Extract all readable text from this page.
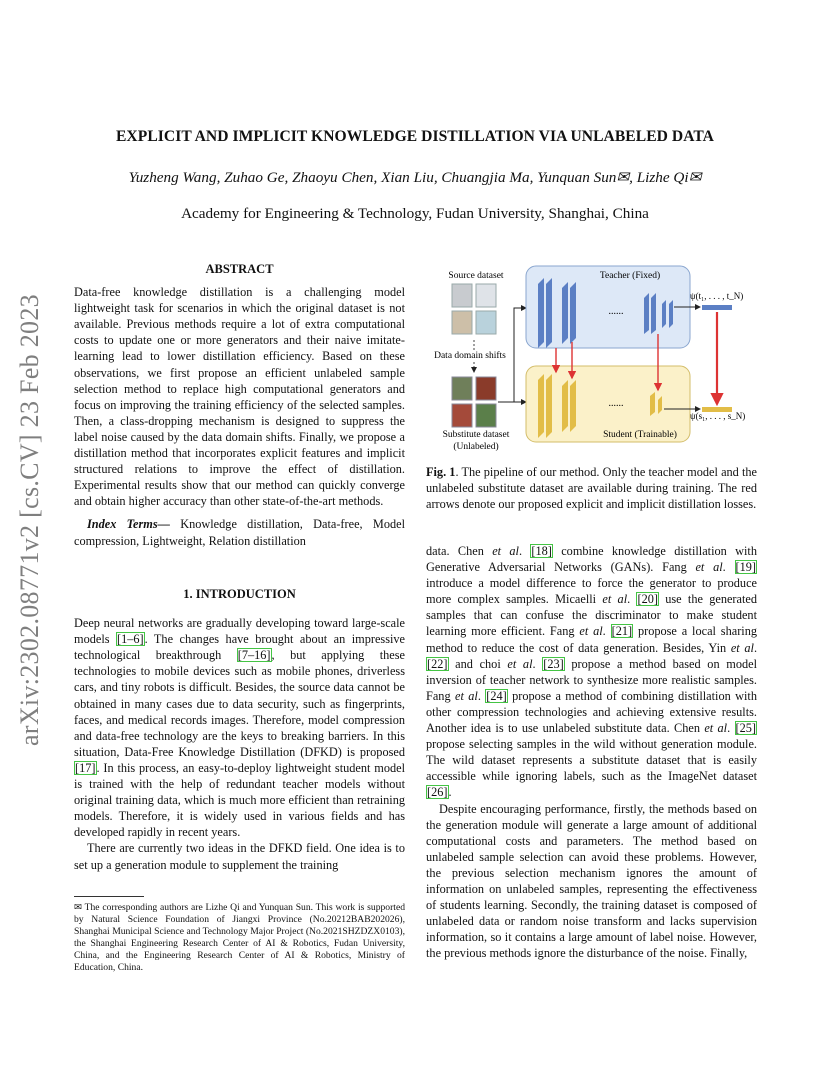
arXiv:2302.08771v2 [cs.CV] 23 Feb 2023
EXPLICIT AND IMPLICIT KNOWLEDGE DISTILLATION VIA UNLABELED DATA
Yuzheng Wang, Zuhao Ge, Zhaoyu Chen, Xian Liu, Chuangjia Ma, Yunquan Sun✉, Lizhe Qi✉
Academy for Engineering & Technology, Fudan University, Shanghai, China
ABSTRACT

Data-free knowledge distillation is a challenging model lightweight task for scenarios in which the original dataset is not available. Previous methods require a lot of extra computational costs to update one or more generators and their naive imitate-learning lead to lower distillation efficiency. Based on these observations, we first propose an efficient unlabeled sample selection method to replace high computational generators and focus on improving the training efficiency of the selected samples. Then, a class-dropping mechanism is designed to suppress the label noise caused by the data domain shifts. Finally, we propose a distillation method that incorporates explicit features and implicit structured relations to improve the effect of distillation. Experimental results show that our method can quickly converge and obtain higher accuracy than other state-of-the-art methods.

Index Terms— Knowledge distillation, Data-free, Model compression, Lightweight, Relation distillation

1. INTRODUCTION

Deep neural networks are gradually developing toward large-scale models [1–6]. The changes have brought about an impressive technological breakthrough [7–16], but applying these technologies to mobile devices such as mobile phones, driverless cars, and tiny robots is difficult. Besides, the source data cannot be obtained in many cases due to data security, such as fingerprints, faces, and medical records images. Therefore, model compression and data-free technology are the keys to breaking barriers. In this situation, Data-Free Knowledge Distillation (DFKD) is proposed [17]. In this process, an easy-to-deploy lightweight student model is trained with the help of redundant teacher models without original training data, which is much more efficient than retraining models. Therefore, it is widely used in various fields and has developed rapidly in recent years.

There are currently two ideas in the DFKD field. One idea is to set up a generation module to supplement the training

✉ The corresponding authors are Lizhe Qi and Yunquan Sun. This work is supported by Natural Science Foundation of Jiangxi Province (No.20212BAB202026), Shanghai Municipal Science and Technology Major Project (No.2021SHZDZX0103), the Shanghai Engineering Research Center of AI & Robotics, Fudan University, China, and the Engineering Research Center of AI & Robotics, Ministry of Education, China.
Source dataset
Data domain shifts
Substitute dataset
(Unlabeled)
Teacher (Fixed)
......
ψ(t₁, . . . , t_N)
Student (Trainable)
......
ψ(s₁, . . . , s_N)
Fig. 1. The pipeline of our method. Only the teacher model and the unlabeled substitute dataset are available during training. The red arrows denote our proposed explicit and implicit distillation losses.

data. Chen et al. [18] combine knowledge distillation with Generative Adversarial Networks (GANs). Fang et al. [19] introduce a model difference to force the generator to produce more complex samples. Micaelli et al. [20] use the generated samples that can confuse the discriminator to make student learning more efficient. Fang et al. [21] propose a local sharing method to reduce the cost of data generation. Besides, Yin et al. [22] and choi et al. [23] propose a method based on model inversion of teacher network to synthesize more realistic samples. Fang et al. [24] propose a method of combining distillation with other compression technologies and achieving extensive results. Another idea is to use unlabeled substitute data. Chen et al. [25] propose selecting samples in the wild without generation module. The wild dataset represents a substitute dataset that is easily accessible while ignoring labels, such as the ImageNet dataset [26].

Despite encouraging performance, firstly, the methods based on the generation module will generate a large amount of additional computational costs and parameters. The method based on unlabeled sample selection can avoid these problems. However, the previous selection mechanism ignores the amount of information on unlabeled samples, representing the effectiveness of students learning. Secondly, the training dataset is composed of unlabeled data or random noise transform and lacks supervision information, so it contains a large amount of label noise. However, the previous methods ignore the disturbance of the noise. Finally,
